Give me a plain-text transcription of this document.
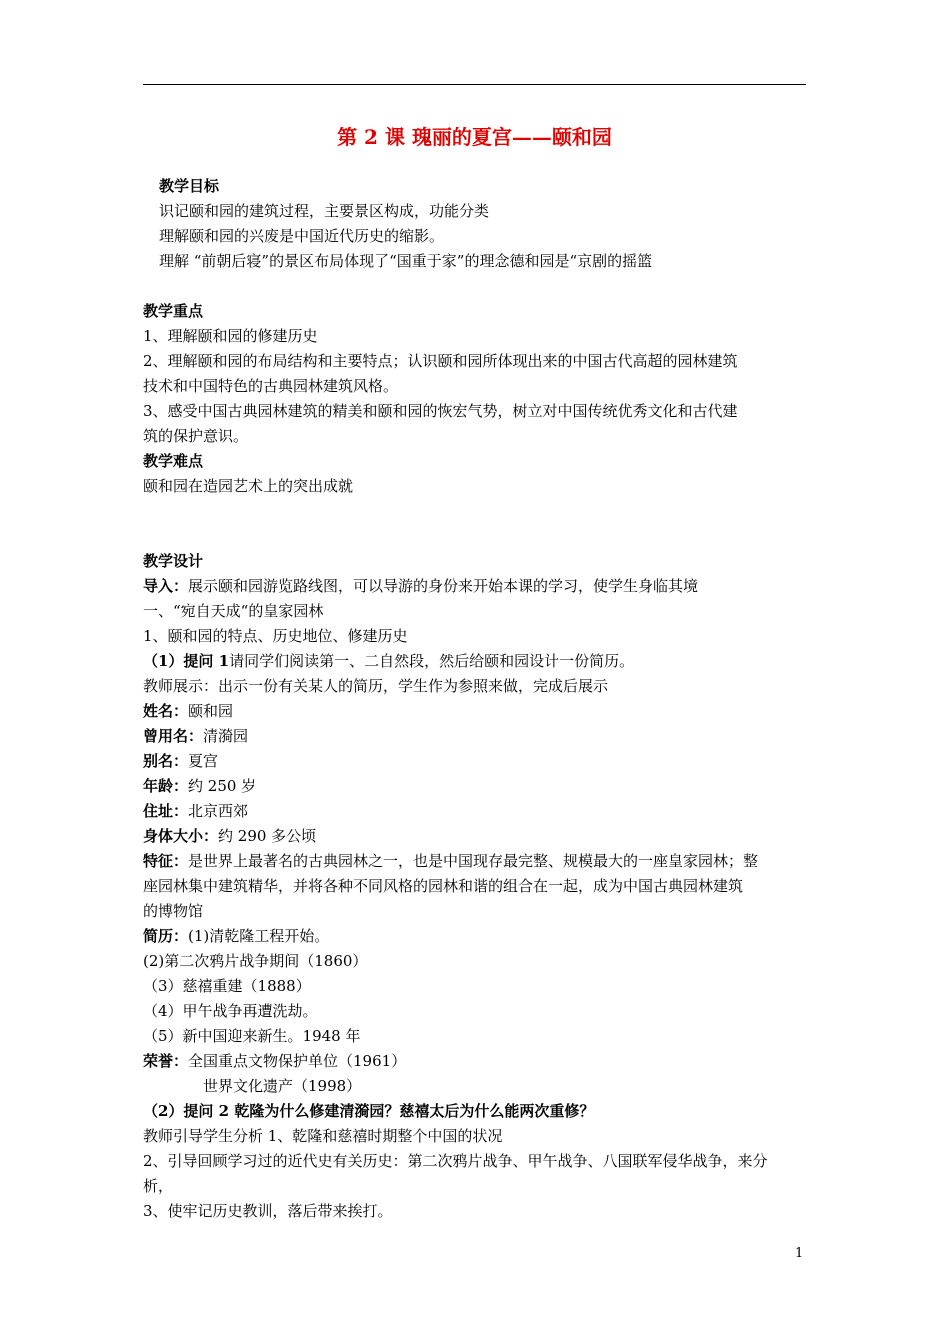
第 2 课 瑰丽的夏宫——颐和园
教学目标
识记颐和园的建筑过程，主要景区构成，功能分类
理解颐和园的兴废是中国近代历史的缩影。
理解 “前朝后寝”的景区布局体现了“国重于家”的理念德和园是“京剧的摇篮
教学重点
1、理解颐和园的修建历史
2、理解颐和园的布局结构和主要特点；认识颐和园所体现出来的中国古代高超的园林建筑
技术和中国特色的古典园林建筑风格。
3、感受中国古典园林建筑的精美和颐和园的恢宏气势，树立对中国传统优秀文化和古代建
筑的保护意识。
教学难点
颐和园在造园艺术上的突出成就
教学设计
导入：展示颐和园游览路线图，可以导游的身份来开始本课的学习，使学生身临其境
一、“宛自天成“的皇家园林
1、颐和园的特点、历史地位、修建历史
（1）提问 1请同学们阅读第一、二自然段，然后给颐和园设计一份简历。
教师展示：出示一份有关某人的简历，学生作为参照来做，完成后展示
姓名：颐和园
曾用名：清漪园
别名：夏宫
年龄：约 250 岁
住址：北京西郊
身体大小：约 290 多公顷
特征：是世界上最著名的古典园林之一，也是中国现存最完整、规模最大的一座皇家园林；整
座园林集中建筑精华，并将各种不同风格的园林和谐的组合在一起，成为中国古典园林建筑
的博物馆
简历：(1)清乾隆工程开始。
(2)第二次鸦片战争期间（1860）
（3）慈禧重建（1888）
（4）甲午战争再遭洗劫。
（5）新中国迎来新生。1948 年
荣誉：全国重点文物保护单位（1961）
世界文化遗产（1998）
（2）提问 2 乾隆为什么修建清漪园？慈禧太后为什么能两次重修？
教师引导学生分析 1、乾隆和慈禧时期整个中国的状况
2、引导回顾学习过的近代史有关历史：第二次鸦片战争、甲午战争、八国联军侵华战争，来分
析，
3、使牢记历史教训，落后带来挨打。
1
